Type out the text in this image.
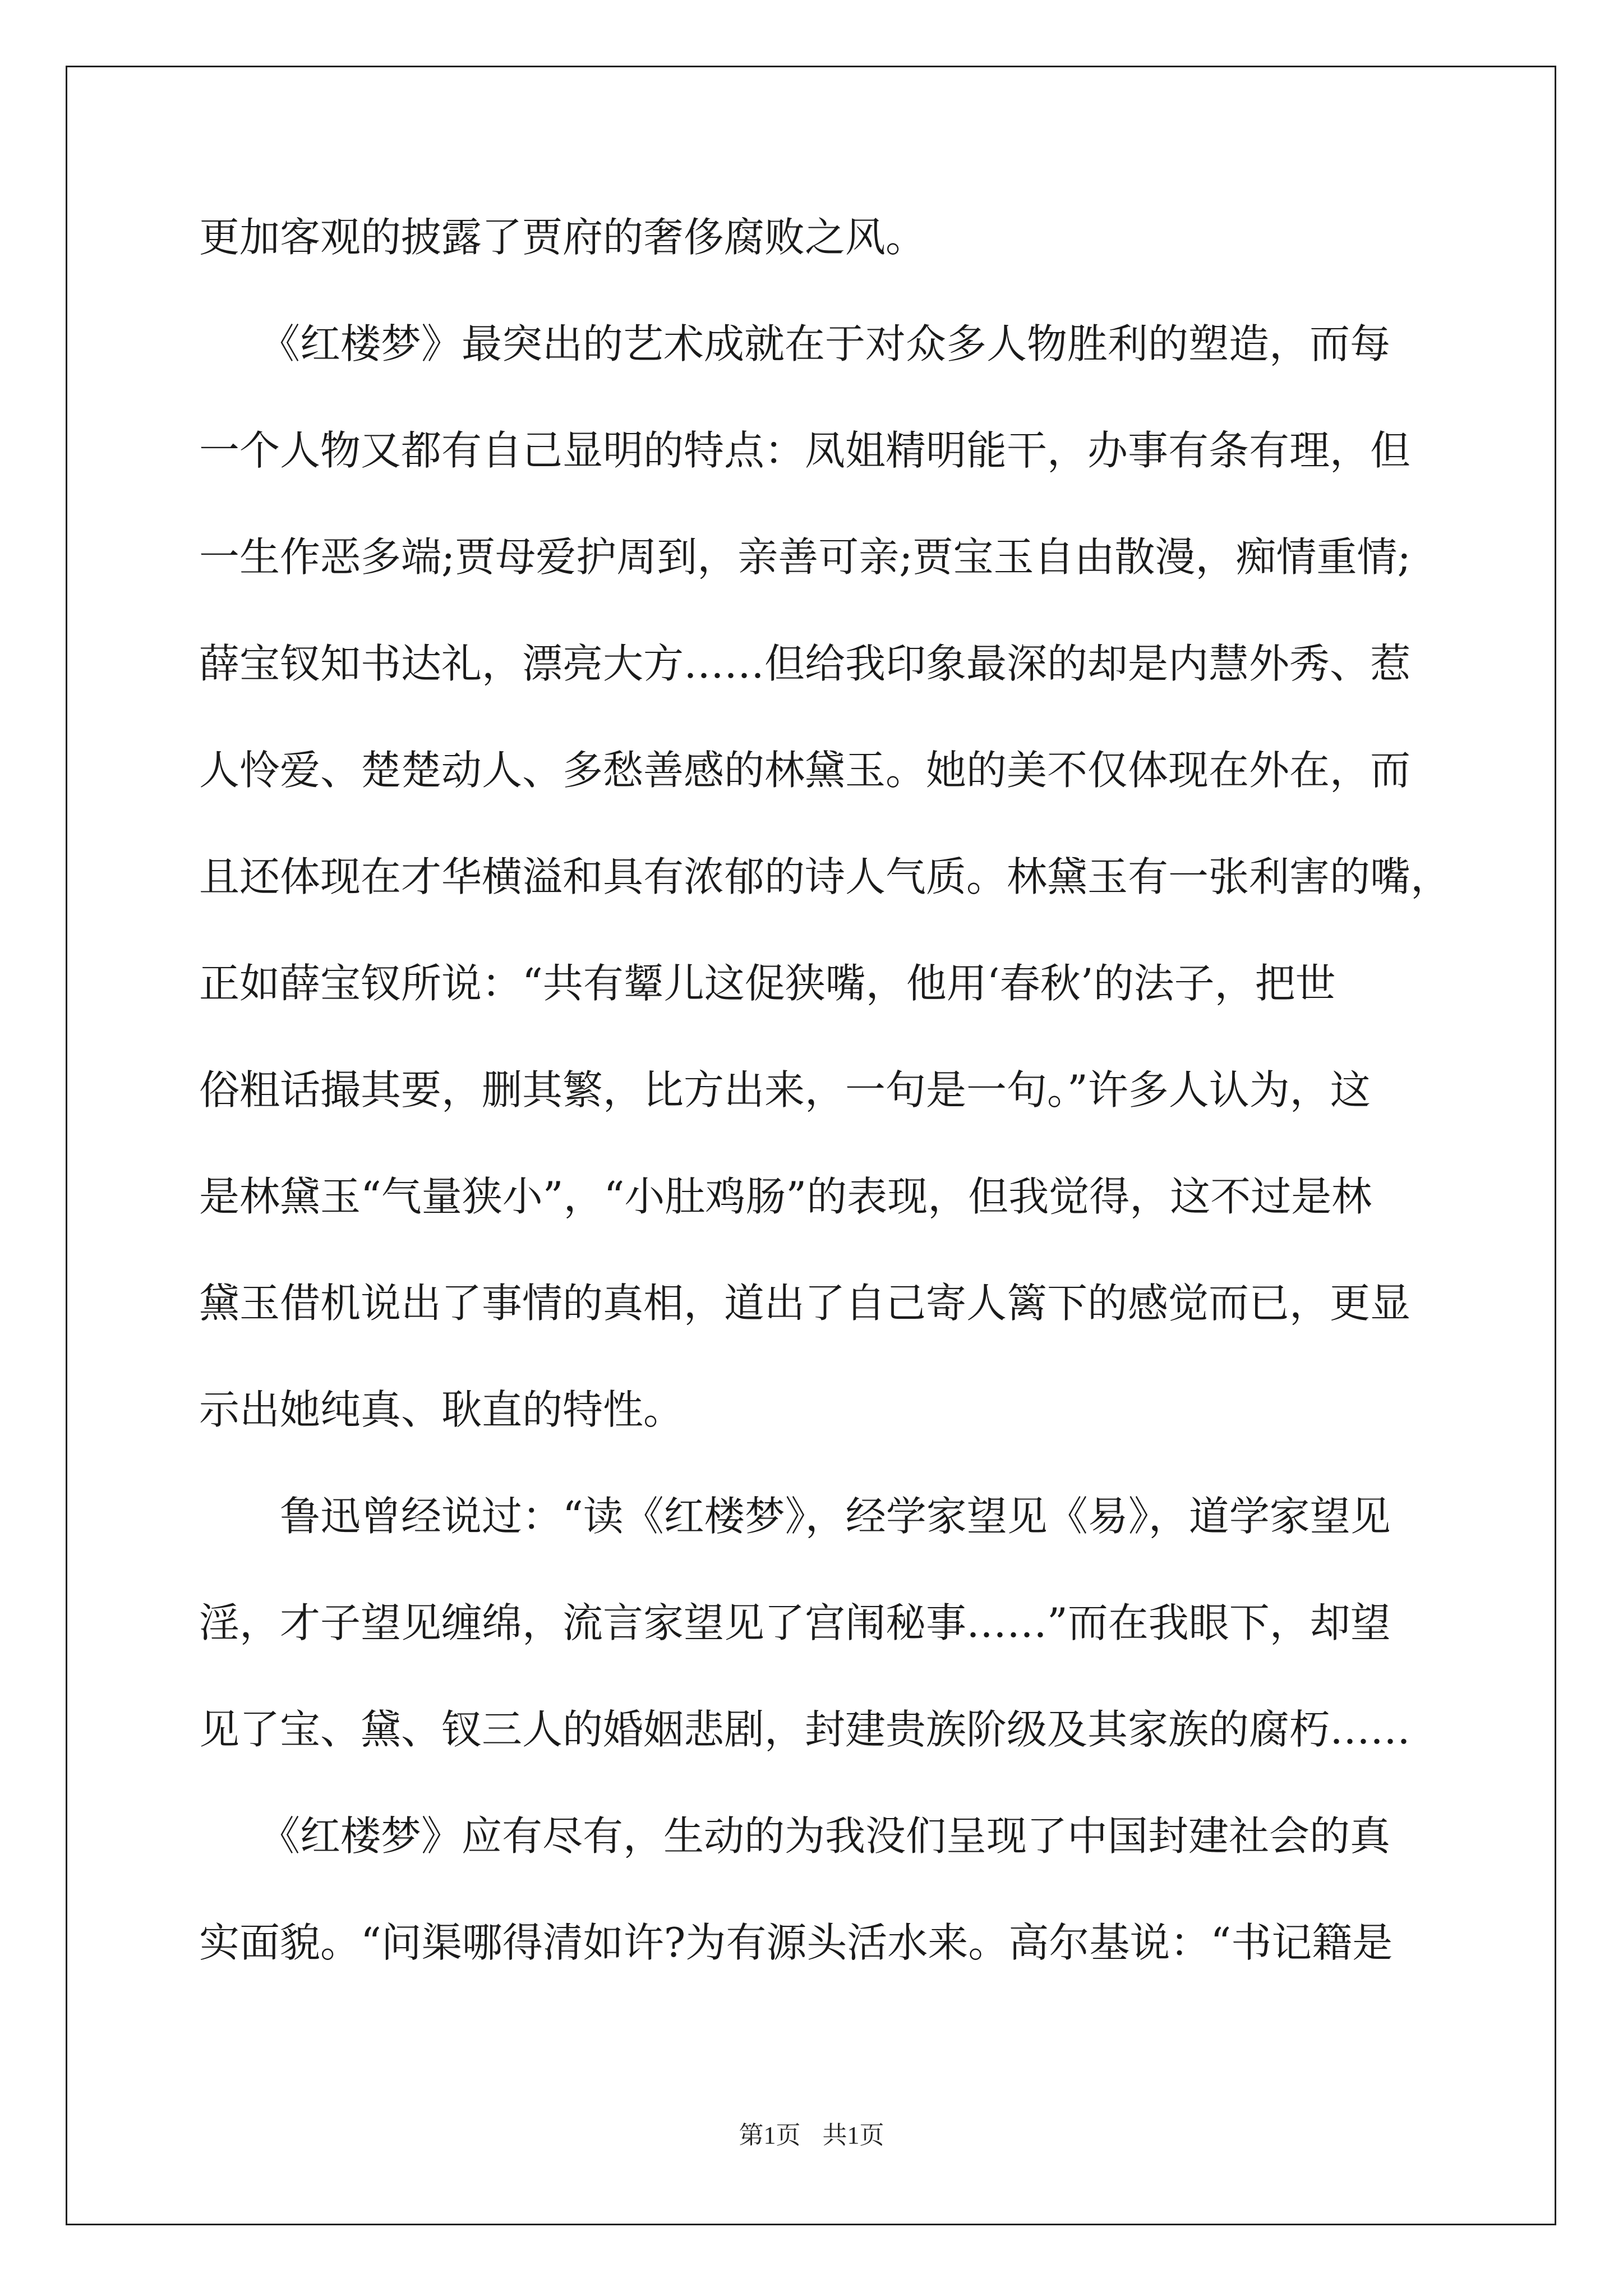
更加客观的披露了贾府的奢侈腐败之风。
　　《红楼梦》最突出的艺术成就在于对众多人物胜利的塑造，而每
一个人物又都有自己显明的特点：凤姐精明能干，办事有条有理，但
一生作恶多端;贾母爱护周到，亲善可亲;贾宝玉自由散漫，痴情重情;
薛宝钗知书达礼，漂亮大方……但给我印象最深的却是内慧外秀、惹
人怜爱、楚楚动人、多愁善感的林黛玉。她的美不仅体现在外在，而
且还体现在才华横溢和具有浓郁的诗人气质。林黛玉有一张利害的嘴，
正如薛宝钗所说：“共有颦儿这促狭嘴，他用‘春秋’的法子，把世
俗粗话撮其要，删其繁，比方出来，一句是一句。”许多人认为，这
是林黛玉“气量狭小”，“小肚鸡肠”的表现，但我觉得，这不过是林
黛玉借机说出了事情的真相，道出了自己寄人篱下的感觉而已，更显
示出她纯真、耿直的特性。
　　鲁迅曾经说过：“读《红楼梦》，经学家望见《易》，道学家望见
淫，才子望见缠绵，流言家望见了宫闱秘事……”而在我眼下，却望
见了宝、黛、钗三人的婚姻悲剧，封建贵族阶级及其家族的腐朽……
　　《红楼梦》应有尽有，生动的为我没们呈现了中国封建社会的真
实面貌。“问渠哪得清如许?为有源头活水来。高尔基说：“书记籍是
第1页 共1页
